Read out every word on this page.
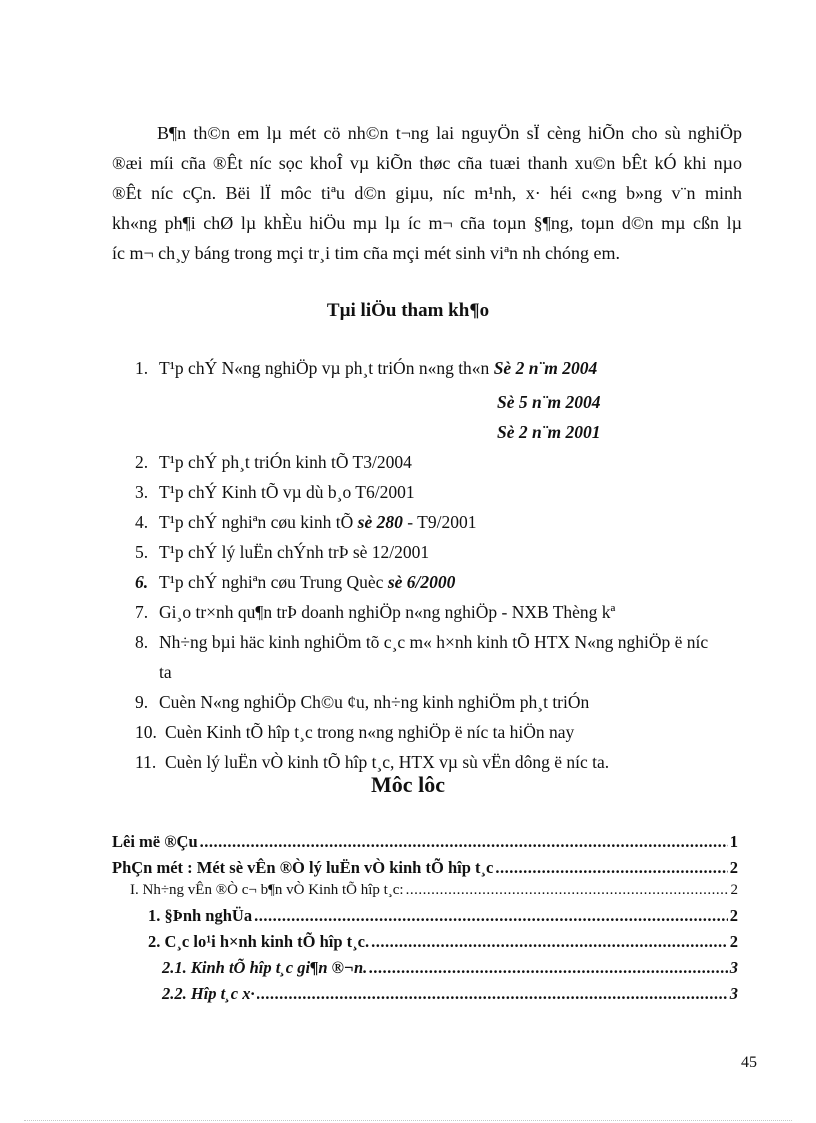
B¶n th©n em lµ mét cö nh©n t¬ng lai nguyÖn sÏ cèng hiÕn cho sù nghiÖp
®æi míi cña ®Êt níc sọc khoÎ vµ kiÕn thøc cña tuæi thanh xu©n bÊt kÓ khi nµo
®Êt níc cÇn. Bëi lÏ môc tiªu d©n giµu, níc m¹nh, x· héi c«ng b»ng v¨n minh
kh«ng ph¶i chØ lµ khÈu hiÖu mµ lµ íc m¬ cña toµn §¶ng, toµn d©n mµ cßn lµ
íc m¬ ch¸y báng trong mçi tr¸i tim cña mçi mét sinh viªn nh chóng em.
Tµi liÖu tham kh¶o
1. T¹p chÝ N«ng nghiÖp vµ ph¸t triÓn n«ng th«n Sè 2 n¨m 2004
Sè 5 n¨m 2004
Sè 2 n¨m 2001
2. T¹p chÝ ph¸t triÓn kinh tÕ T3/2004
3. T¹p chÝ Kinh tÕ vµ dù b¸o T6/2001
4. T¹p chÝ nghiªn cøu kinh tÕ sè 280 - T9/2001
5. T¹p chÝ lý luËn chÝnh trÞ sè 12/2001
6. T¹p chÝ nghiªn cøu Trung Quèc sè 6/2000
7. Gi¸o tr×nh qu¶n trÞ doanh nghiÖp n«ng nghiÖp - NXB Thèng kª
8. Nh÷ng bµi häc kinh nghiÖm tõ c¸c m« h×nh kinh tÕ HTX N«ng nghiÖp ë níc
ta
9. Cuèn N«ng nghiÖp Ch©u ¢u, nh÷ng kinh nghiÖm ph¸t triÓn
10. Cuèn Kinh tÕ hîp t¸c trong n«ng nghiÖp ë níc ta hiÖn nay
11. Cuèn lý luËn vÒ kinh tÕ hîp t¸c, HTX vµ sù vËn dông ë níc ta.
Môc lôc
Lêi më ®Çu .....	1
PhÇn mét : Mét sè vÊn ®Ò lý luËn vÒ kinh tÕ hîp t¸c .....	2
I. Nh÷ng vÊn ®Ò c¬ b¶n vÒ Kinh tÕ hîp t¸c: .....	2
1. §Þnh nghÜa .....	2
2. C¸c lo¹i h×nh kinh tÕ hîp t¸c. .....	2
2.1. Kinh tÕ hîp t¸c gi¶n ®¬n. .....	3
2.2. Hîp t¸c x· .....	3
45
